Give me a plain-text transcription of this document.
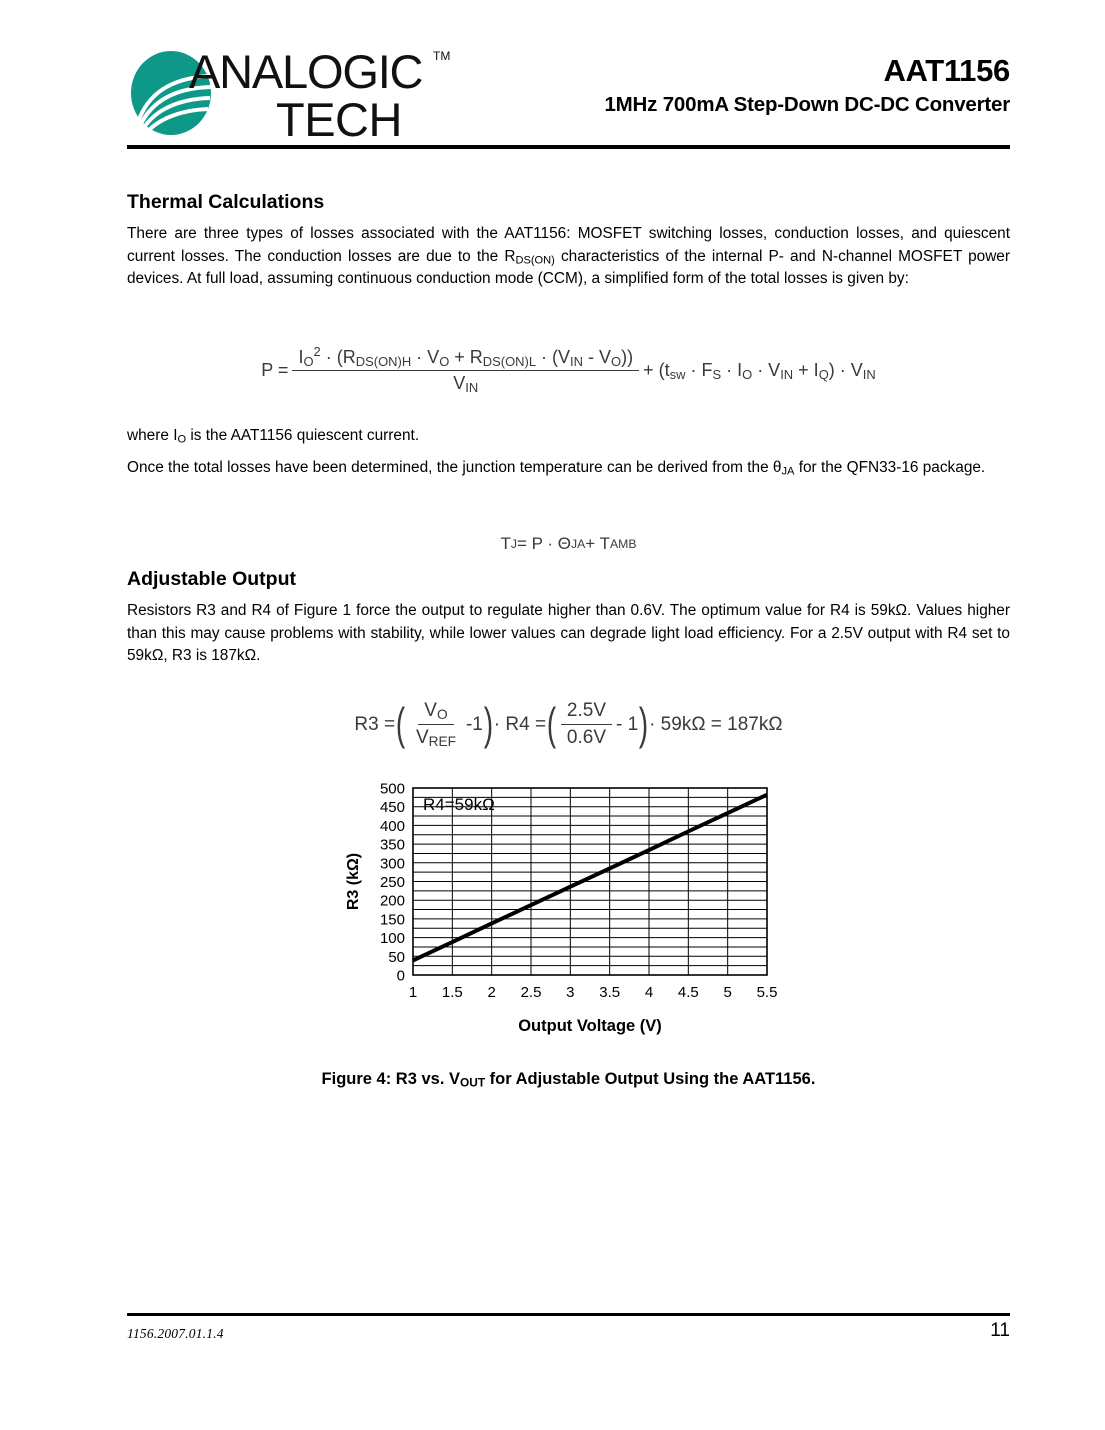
ANALOGIC TM
TECH
AAT1156
1MHz 700mA Step-Down DC-DC Converter
Thermal Calculations

There are three types of losses associated with the AAT1156: MOSFET switching losses, conduction losses, and quiescent current losses. The conduction losses are due to the $R_{DS(ON)}$ characteristics of the internal P- and N-channel MOSFET power devices. At full load, assuming continuous conduction mode (CCM), a simplified form of the total losses is given by:

$P = \frac{I_O^2 \cdot (R_{DS(ON)H} \cdot V_O + R_{DS(ON)L} \cdot (V_{IN} - V_O))}{V_{IN}} + (t_{sw} \cdot F_S \cdot I_O \cdot V_{IN} + I_Q) \cdot V_{IN}$

where $I_O$ is the AAT1156 quiescent current.

Once the total losses have been determined, the junction temperature can be derived from the $\theta_{JA}$ for the QFN33-16 package.

T J = P · Θ JA + T AMB
Adjustable Output

Resistors R3 and R4 of Figure 1 force the output to regulate higher than 0.6V. The optimum value for R4 is 59kΩ. Values higher than this may cause problems with stability, while lower values can degrade light load efficiency. For a 2.5V output with R4 set to 59kΩ, R3 is 187kΩ.

R3 = ( $\frac{V_O}{V_{REF}} -1$ ) · R4 = ( $\frac{2.5V}{0.6V} - 1$ ) · 59kΩ = 187kΩ
0
50
100
150
200
250
300
350
400
450
500
1 1.5 2 2.5 3 3.5 4 4.5 5 5.5
R3 (kΩ)
Output Voltage (V)
R4=59kΩ
Figure 4: R3 vs. $V_{OUT}$ for Adjustable Output Using the AAT1156.
1156.2007.01.1.4	11
